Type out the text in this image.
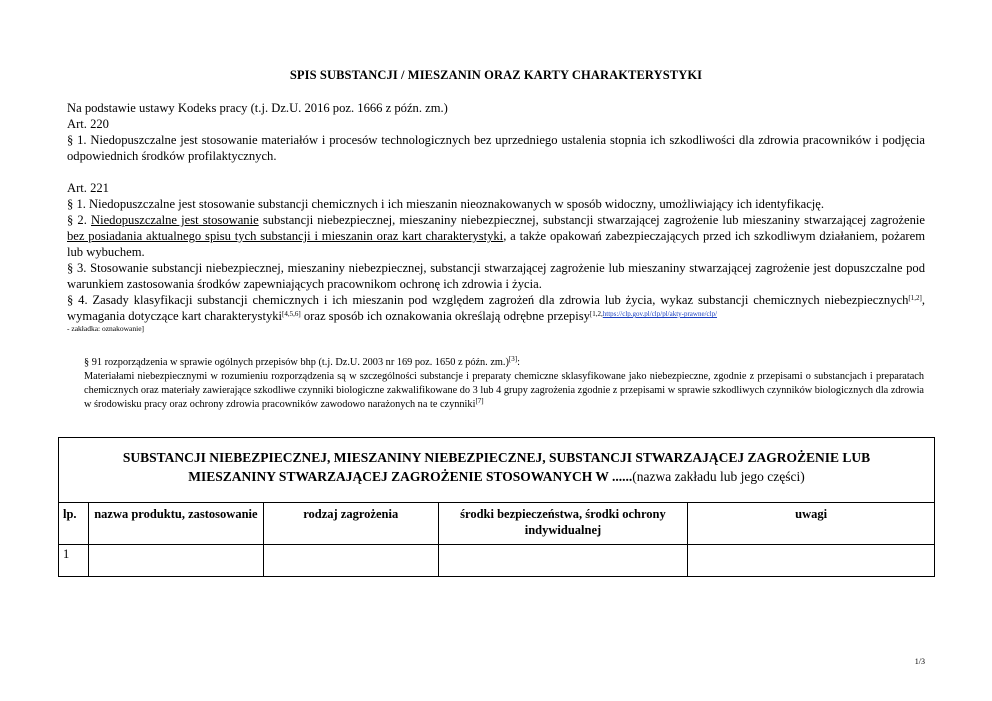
SPIS SUBSTANCJI / MIESZANIN ORAZ KARTY CHARAKTERYSTYKI

Na podstawie ustawy Kodeks pracy (t.j. Dz.U. 2016 poz. 1666 z późn. zm.)

Art. 220

§ 1. Niedopuszczalne jest stosowanie materiałów i procesów technologicznych bez uprzedniego ustalenia stopnia ich szkodliwości dla zdrowia pracowników i podjęcia odpowiednich środków profilaktycznych.

Art. 221

§ 1. Niedopuszczalne jest stosowanie substancji chemicznych i ich mieszanin nieoznakowanych w sposób widoczny, umożliwiający ich identyfikację.

§ 2. Niedopuszczalne jest stosowanie substancji niebezpiecznej, mieszaniny niebezpiecznej, substancji stwarzającej zagrożenie lub mieszaniny stwarzającej zagrożenie bez posiadania aktualnego spisu tych substancji i mieszanin oraz kart charakterystyki, a także opakowań zabezpieczających przed ich szkodliwym działaniem, pożarem lub wybuchem.

§ 3. Stosowanie substancji niebezpiecznej, mieszaniny niebezpiecznej, substancji stwarzającej zagrożenie lub mieszaniny stwarzającej zagrożenie jest dopuszczalne pod warunkiem zastosowania środków zapewniających pracownikom ochronę ich zdrowia i życia.

§ 4. Zasady klasyfikacji substancji chemicznych i ich mieszanin pod względem zagrożeń dla zdrowia lub życia, wykaz substancji chemicznych niebezpiecznych[1,2], wymagania dotyczące kart charakterystyki[4,5,6] oraz sposób ich oznakowania określają odrębne przepisy$^{[1,2,https://clp.gov.pl/clp/pl/akty-prawne/clp/}$

- zakładka: oznakowanie]

§ 91 rozporządzenia w sprawie ogólnych przepisów bhp (t.j. Dz.U. 2003 nr 169 poz. 1650 z późn. zm.)[3]:

Materiałami niebezpiecznymi w rozumieniu rozporządzenia są w szczególności substancje i preparaty chemiczne sklasyfikowane jako niebezpieczne, zgodnie z przepisami o substancjach i preparatach chemicznych oraz materiały zawierające szkodliwe czynniki biologiczne zakwalifikowane do 3 lub 4 grupy zagrożenia zgodnie z przepisami w sprawie szkodliwych czynników biologicznych dla zdrowia w środowisku pracy oraz ochrony zdrowia pracowników zawodowo narażonych na te czynniki[7]

SUBSTANCJI NIEBEZPIECZNEJ, MIESZANINY NIEBEZPIECZNEJ, SUBSTANCJI STWARZAJĄCEJ ZAGROŻENIE LUB
MIESZANINY STWARZAJĄCEJ ZAGROŻENIE STOSOWANYCH W ......(nazwa zakładu lub jego części)				

lp.	nazwa produktu, zastosowanie	rodzaj zagrożenia	środki bezpieczeństwa, środki ochrony indywidualnej	uwagi
1				
1/3
